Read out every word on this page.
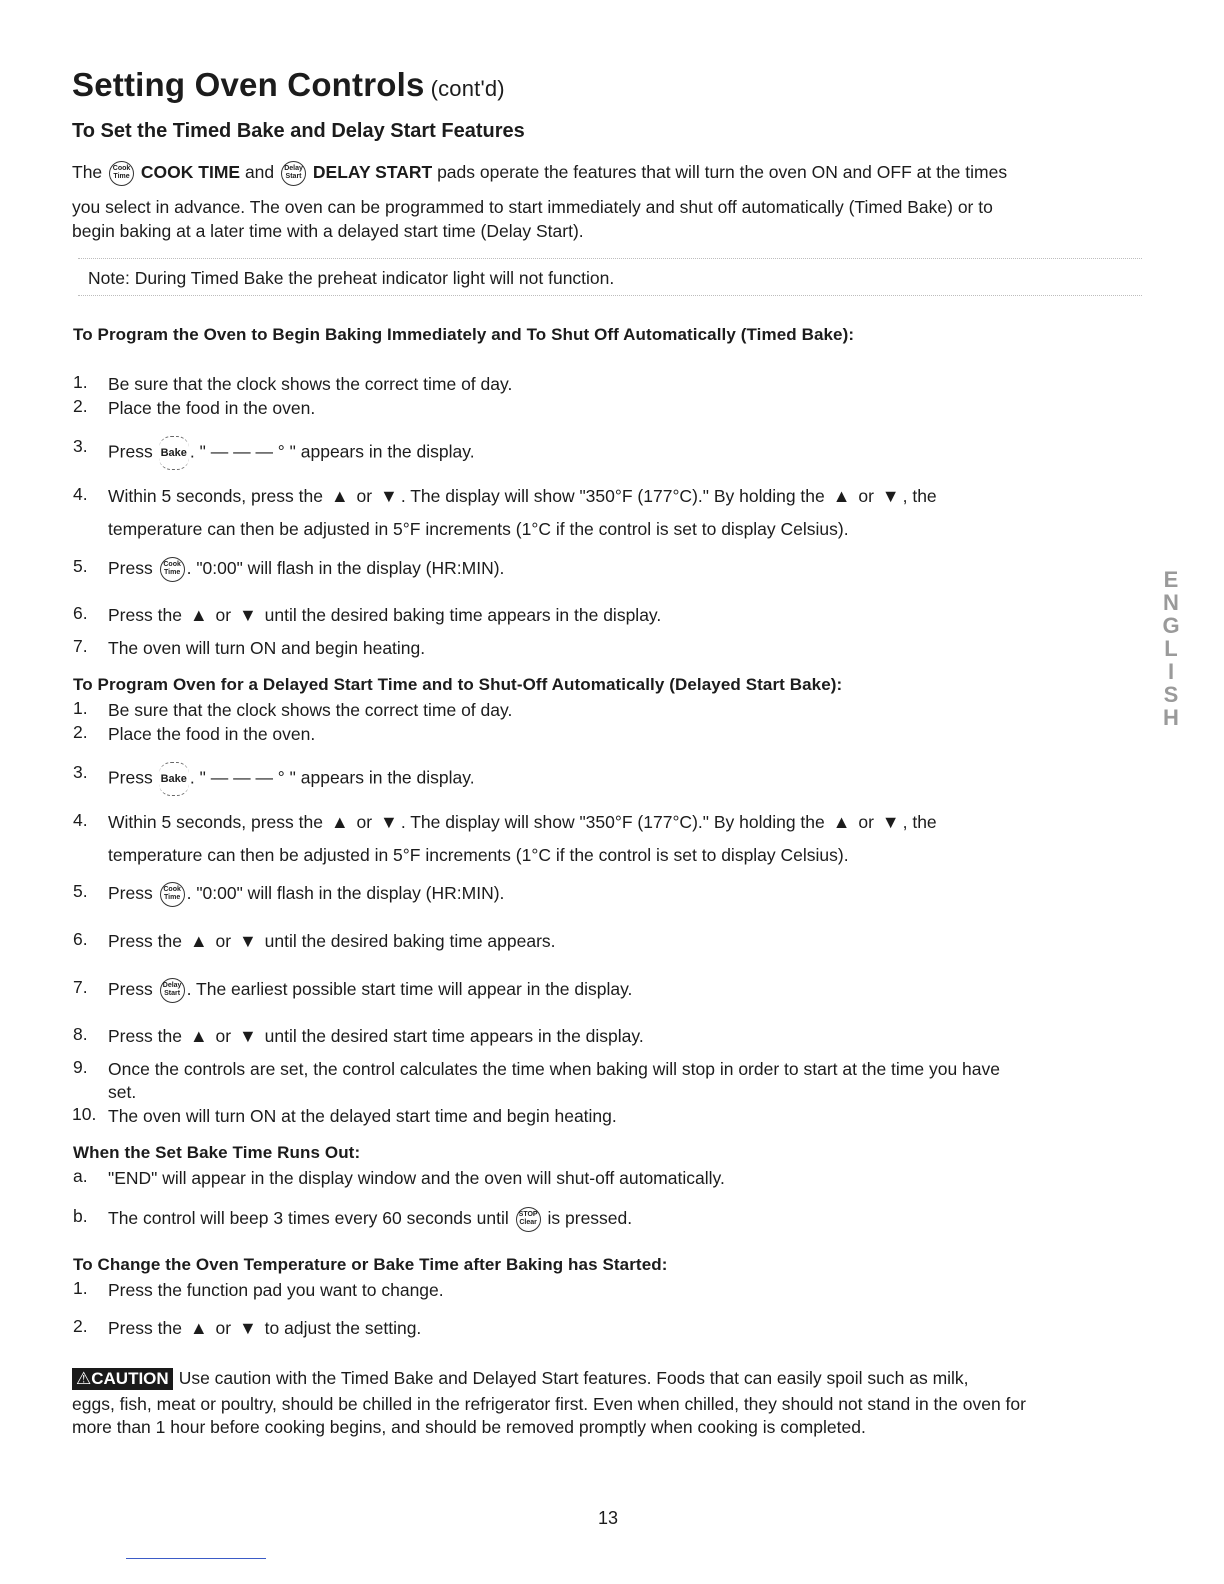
Setting Oven Controls (cont'd)
To Set the Timed Bake and Delay Start Features
The Cook
Time COOK TIME and Delay
Start DELAY START pads operate the features that will turn the oven ON and OFF at the times
you select in advance. The oven can be programmed to start immediately and shut off automatically (Timed Bake) or to
begin baking at a later time with a delayed start time (Delay Start).
Note: During Timed Bake the preheat indicator light will not function.
To Program the Oven to Begin Baking Immediately and To Shut Off Automatically (Timed Bake):
1. Be sure that the clock shows the correct time of day.
2. Place the food in the oven.
3. Press Bake . " — — — ° " appears in the display.
4. Within 5 seconds, press the ▲ or ▼ . The display will show "350°F (177°C)." By holding the ▲ or ▼ , the
temperature can then be adjusted in 5°F increments (1°C if the control is set to display Celsius).
5. Press Cook
Time . "0:00" will flash in the display (HR:MIN).
6. Press the ▲ or ▼ until the desired baking time appears in the display.
7. The oven will turn ON and begin heating.
To Program Oven for a Delayed Start Time and to Shut-Off Automatically (Delayed Start Bake):
1. Be sure that the clock shows the correct time of day.
2. Place the food in the oven.
3. Press Bake . " — — — ° " appears in the display.
4. Within 5 seconds, press the ▲ or ▼ . The display will show "350°F (177°C)." By holding the ▲ or ▼ , the
temperature can then be adjusted in 5°F increments (1°C if the control is set to display Celsius).
5. Press Cook
Time . "0:00" will flash in the display (HR:MIN).
6. Press the ▲ or ▼ until the desired baking time appears.
7. Press Delay
Start . The earliest possible start time will appear in the display.
8. Press the ▲ or ▼ until the desired start time appears in the display.
9. Once the controls are set, the control calculates the time when baking will stop in order to start at the time you have
set.
10. The oven will turn ON at the delayed start time and begin heating.
When the Set Bake Time Runs Out:
a. "END" will appear in the display window and the oven will shut-off automatically.
b. The control will beep 3 times every 60 seconds until STOP
Clear is pressed.
To Change the Oven Temperature or Bake Time after Baking has Started:
1. Press the function pad you want to change.
2. Press the ▲ or ▼ to adjust the setting.
⚠CAUTION Use caution with the Timed Bake and Delayed Start features. Foods that can easily spoil such as milk,
eggs, fish, meat or poultry, should be chilled in the refrigerator first. Even when chilled, they should not stand in the oven for
more than 1 hour before cooking begins, and should be removed promptly when cooking is completed.
E
N
G
L
I
S
H
13
